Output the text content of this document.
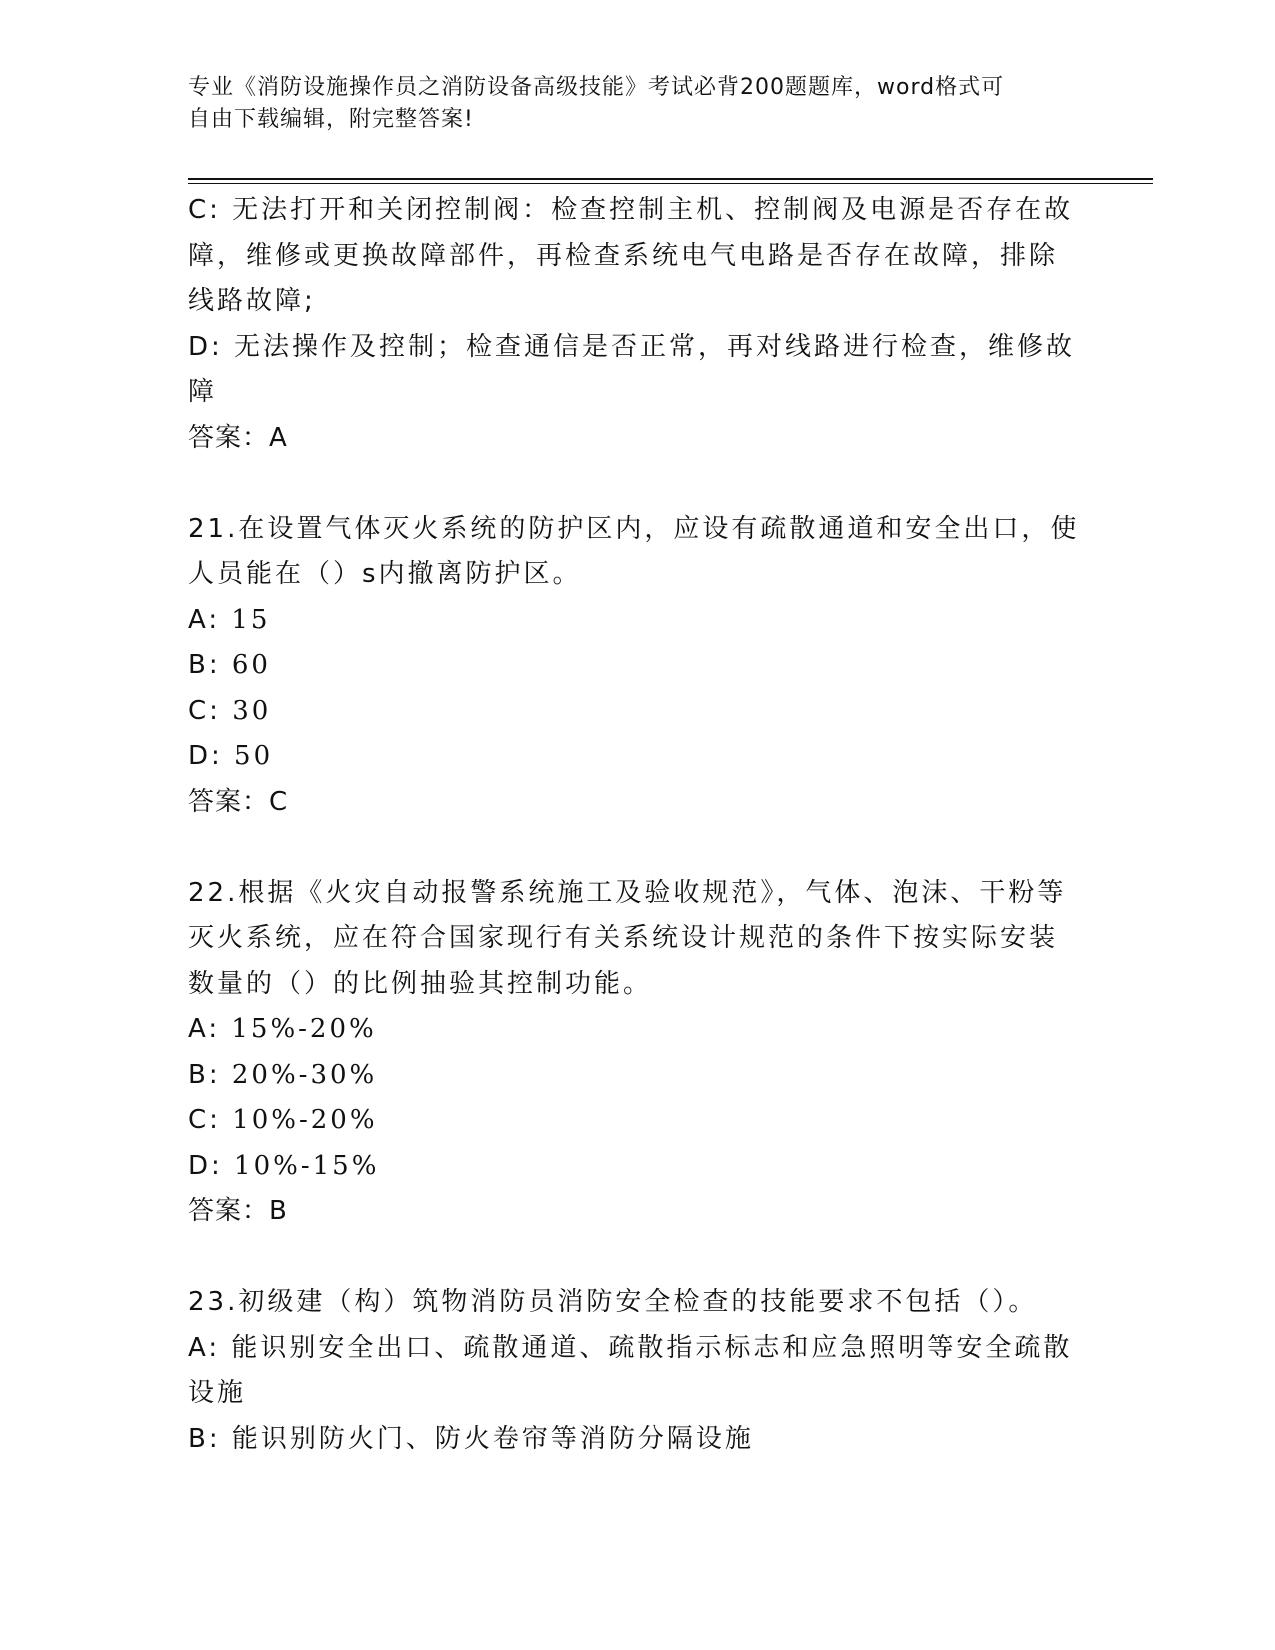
专业《消防设施操作员之消防设备高级技能》考试必背200题题库，word格式可
自由下载编辑，附完整答案!
C: 无法打开和关闭控制阀：检查控制主机、控制阀及电源是否存在故
障，维修或更换故障部件，再检查系统电气电路是否存在故障，排除
线路故障;
D: 无法操作及控制；检查通信是否正常，再对线路进行检查，维修故
障
答案：A
21.在设置气体灭火系统的防护区内，应设有疏散通道和安全出口，使
人员能在（）s内撤离防护区。
A: 15
B: 60
C: 30
D: 50
答案：C
22.根据《火灾自动报警系统施工及验收规范》，气体、泡沫、干粉等
灭火系统，应在符合国家现行有关系统设计规范的条件下按实际安装
数量的（）的比例抽验其控制功能。
A: 15%-20%
B: 20%-30%
C: 10%-20%
D: 10%-15%
答案：B
23.初级建（构）筑物消防员消防安全检查的技能要求不包括（）。
A: 能识别安全出口、疏散通道、疏散指示标志和应急照明等安全疏散
设施
B: 能识别防火门、防火卷帘等消防分隔设施
